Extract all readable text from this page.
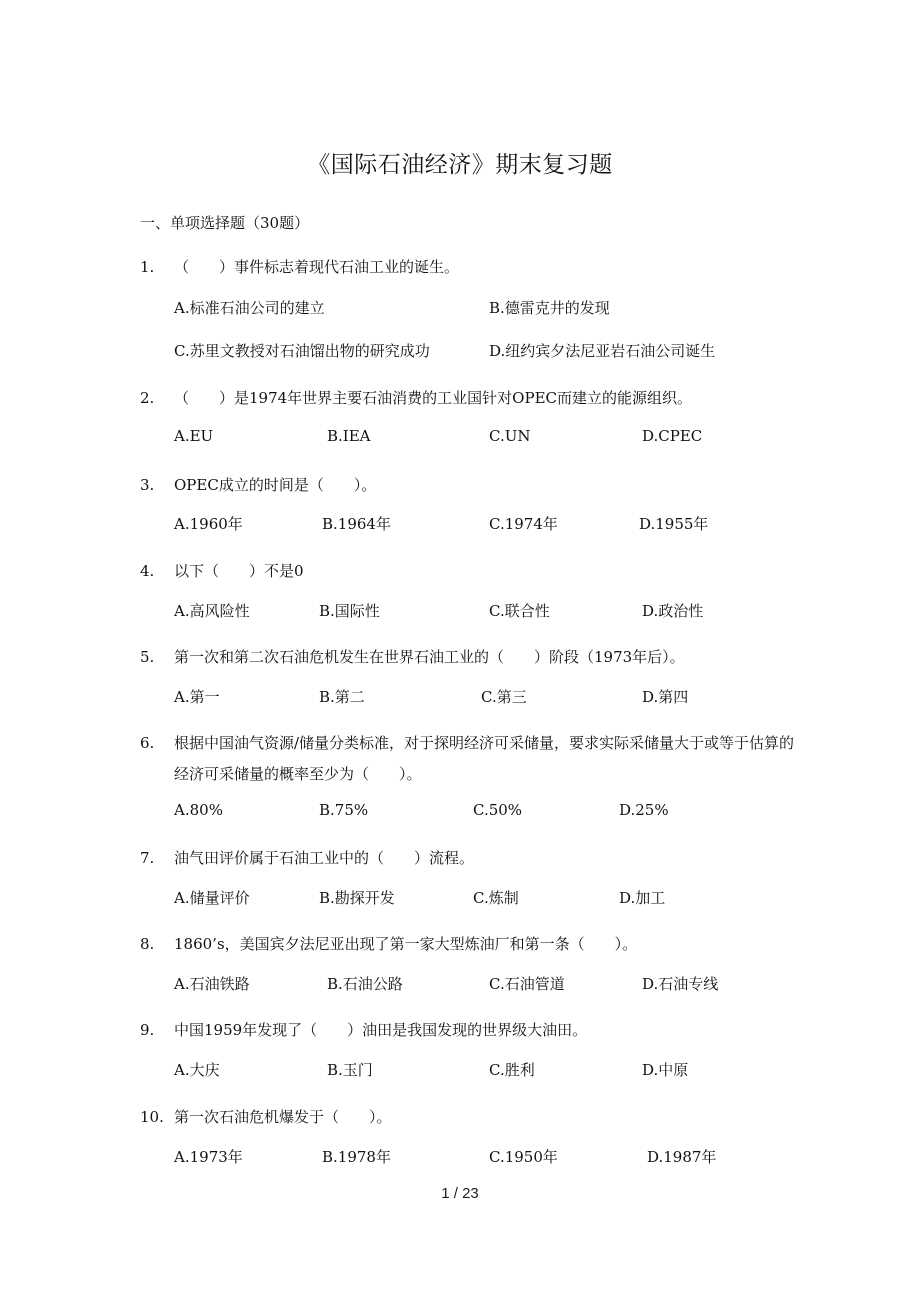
《国际石油经济》期末复习题
一、单项选择题（30题）
1.	（　　）事件标志着现代石油工业的诞生。
A.标准石油公司的建立	B.德雷克井的发现
C.苏里文教授对石油馏出物的研究成功	D.纽约宾夕法尼亚岩石油公司诞生
2.	（　　）是1974年世界主要石油消费的工业国针对OPEC而建立的能源组织。
A.EU	B.IEA	C.UN	D.CPEC
3.	OPEC成立的时间是（　　）。
A.1960年	B.1964年	C.1974年	D.1955年
4.	以下（　　）不是0
A.高风险性	B.国际性	C.联合性	D.政治性
5.	第一次和第二次石油危机发生在世界石油工业的（　　）阶段（1973年后）。
A.第一	B.第二	C.第三	D.第四
6.	根据中国油气资源/储量分类标准，对于探明经济可采储量，要求实际采储量大于或等于估算的经济可采储量的概率至少为（　　）。
A.80%	B.75%	C.50%	D.25%
7.	油气田评价属于石油工业中的（　　）流程。
A.储量评价	B.勘探开发	C.炼制	D.加工
8.	1860’s，美国宾夕法尼亚出现了第一家大型炼油厂和第一条（　　）。
A.石油铁路	B.石油公路	C.石油管道	D.石油专线
9.	中国1959年发现了（　　）油田是我国发现的世界级大油田。
A.大庆	B.玉门	C.胜利	D.中原
10. 第一次石油危机爆发于（　　）。
A.1973年	B.1978年	C.1950年	D.1987年
1 / 23
